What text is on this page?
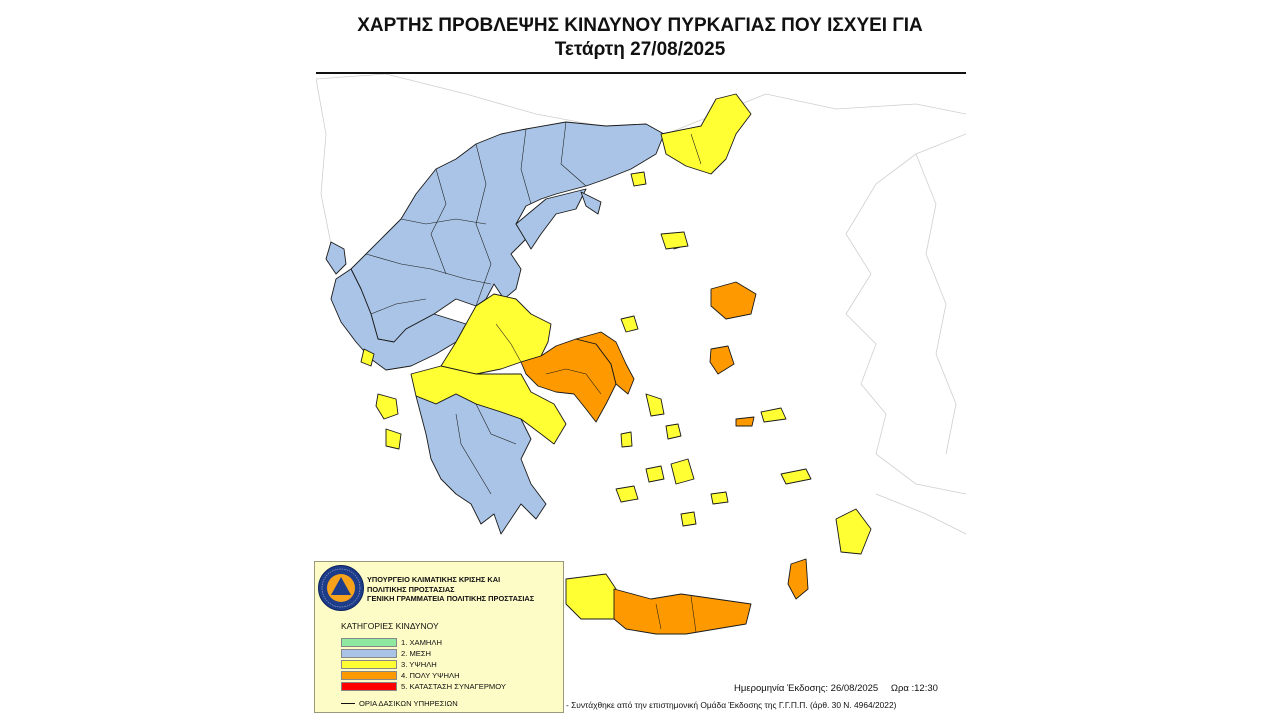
ΧΑΡΤΗΣ ΠΡΟΒΛΕΨΗΣ ΚΙΝΔΥΝΟΥ ΠΥΡΚΑΓΙΑΣ ΠΟΥ ΙΣΧΥΕΙ ΓΙΑ
Τετάρτη 27/08/2025
ΥΠΟΥΡΓΕΙΟ ΚΛΙΜΑΤΙΚΗΣ ΚΡΙΣΗΣ ΚΑΙ
ΠΟΛΙΤΙΚΗΣ ΠΡΟΣΤΑΣΙΑΣ
ΓΕΝΙΚΗ ΓΡΑΜΜΑΤΕΙΑ ΠΟΛΙΤΙΚΗΣ ΠΡΟΣΤΑΣΙΑΣ
ΚΑΤΗΓΟΡΙΕΣ ΚΙΝΔΥΝΟΥ
1. ΧΑΜΗΛΗ
2. ΜΕΣΗ
3. ΥΨΗΛΗ
4. ΠΟΛΥ ΥΨΗΛΗ
5. ΚΑΤΑΣΤΑΣΗ ΣΥΝΑΓΕΡΜΟΥ
ΟΡΙΑ ΔΑΣΙΚΩΝ ΥΠΗΡΕΣΙΩΝ
Ημερομηνία Έκδοσης: 26/08/2025 Ωρα :12:30
- Συντάχθηκε από την επιστημονική Ομάδα Έκδοσης της Γ.Γ.Π.Π. (άρθ. 30 Ν. 4964/2022)
